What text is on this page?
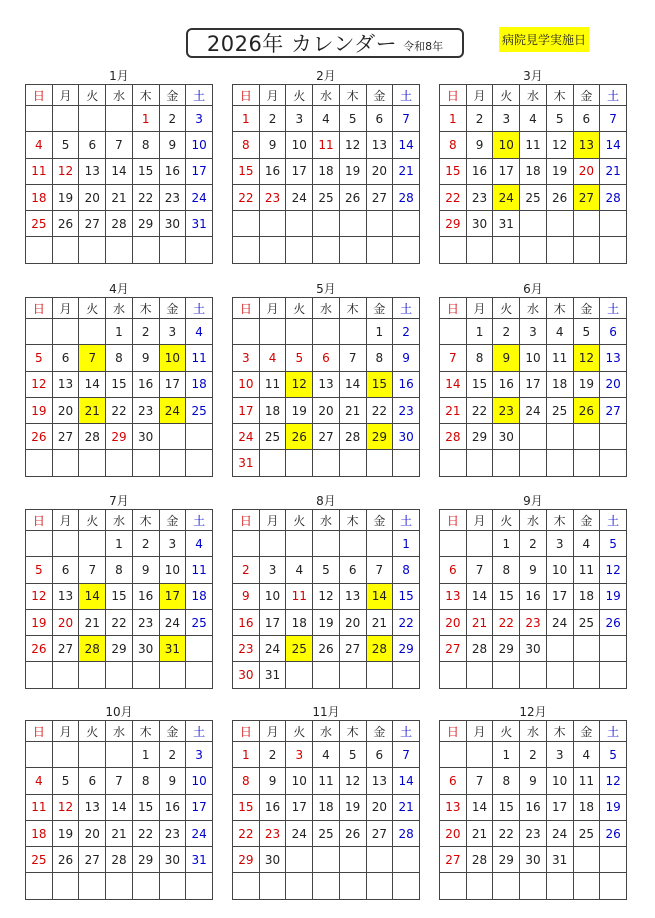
2026年 カレンダー 令和8年	病院見学実施日
1月
日	月	火	水	木	金	土
				1	2	3
4	5	6	7	8	9	10
11	12	13	14	15	16	17
18	19	20	21	22	23	24
25	26	27	28	29	30	31

2月
日	月	火	水	木	金	土
1	2	3	4	5	6	7
8	9	10	11	12	13	14
15	16	17	18	19	20	21
22	23	24	25	26	27	28

3月
日	月	火	水	木	金	土
1	2	3	4	5	6	7
8	9	10	11	12	13	14
15	16	17	18	19	20	21
22	23	24	25	26	27	28
29	30	31				

4月
日	月	火	水	木	金	土
			1	2	3	4
5	6	7	8	9	10	11
12	13	14	15	16	17	18
19	20	21	22	23	24	25
26	27	28	29	30		

5月
日	月	火	水	木	金	土
					1	2
3	4	5	6	7	8	9
10	11	12	13	14	15	16
17	18	19	20	21	22	23
24	25	26	27	28	29	30
31						
6月
日	月	火	水	木	金	土
	1	2	3	4	5	6
7	8	9	10	11	12	13
14	15	16	17	18	19	20
21	22	23	24	25	26	27
28	29	30				

7月
日	月	火	水	木	金	土
			1	2	3	4
5	6	7	8	9	10	11
12	13	14	15	16	17	18
19	20	21	22	23	24	25
26	27	28	29	30	31	

8月
日	月	火	水	木	金	土
						1
2	3	4	5	6	7	8
9	10	11	12	13	14	15
16	17	18	19	20	21	22
23	24	25	26	27	28	29
30	31					
9月
日	月	火	水	木	金	土
		1	2	3	4	5
6	7	8	9	10	11	12
13	14	15	16	17	18	19
20	21	22	23	24	25	26
27	28	29	30			

10月
日	月	火	水	木	金	土
				1	2	3
4	5	6	7	8	9	10
11	12	13	14	15	16	17
18	19	20	21	22	23	24
25	26	27	28	29	30	31

11月
日	月	火	水	木	金	土
1	2	3	4	5	6	7
8	9	10	11	12	13	14
15	16	17	18	19	20	21
22	23	24	25	26	27	28
29	30					

12月
日	月	火	水	木	金	土
		1	2	3	4	5
6	7	8	9	10	11	12
13	14	15	16	17	18	19
20	21	22	23	24	25	26
27	28	29	30	31		
